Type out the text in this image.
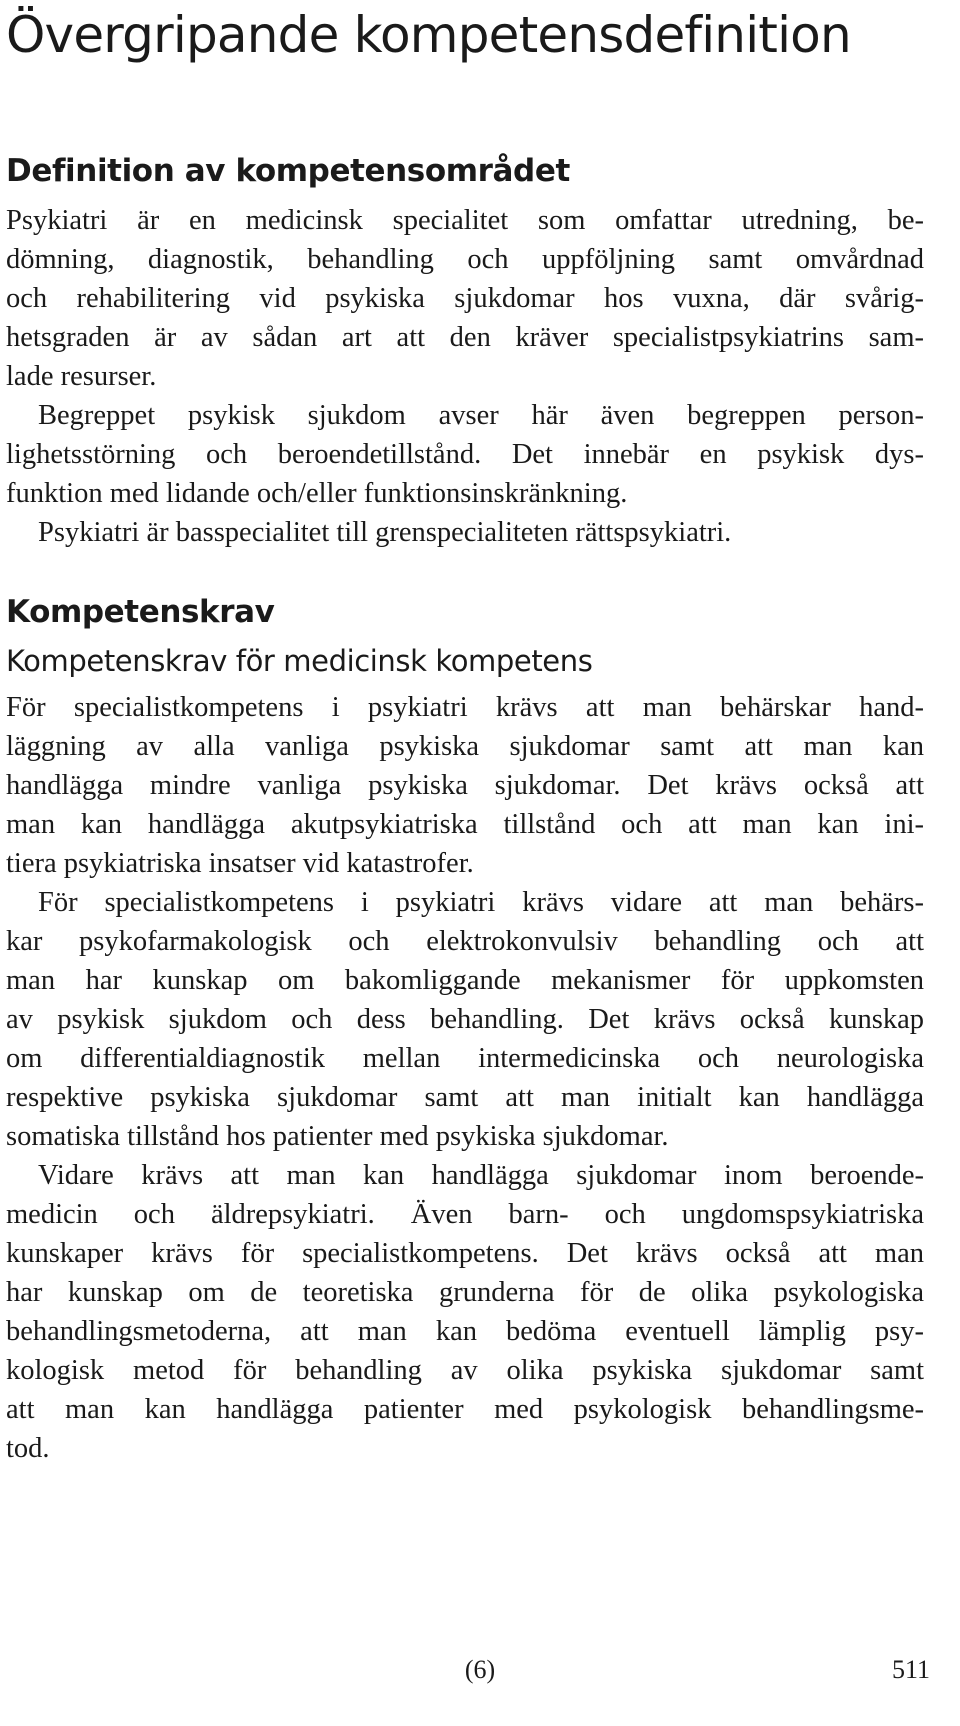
Övergripande kompetensdefinition
Definition av kompetensområdet
Psykiatri är en medicinsk specialitet som omfattar utredning, be-
dömning, diagnostik, behandling och uppföljning samt omvårdnad
och rehabilitering vid psykiska sjukdomar hos vuxna, där svårig-
hetsgraden är av sådan art att den kräver specialistpsykiatrins sam-
lade resurser.
Begreppet psykisk sjukdom avser här även begreppen person-
lighetsstörning och beroendetillstånd. Det innebär en psykisk dys-
funktion med lidande och/eller funktionsinskränkning.
Psykiatri är basspecialitet till grenspecialiteten rättspsykiatri.
Kompetenskrav
Kompetenskrav för medicinsk kompetens
För specialistkompetens i psykiatri krävs att man behärskar hand-
läggning av alla vanliga psykiska sjukdomar samt att man kan
handlägga mindre vanliga psykiska sjukdomar. Det krävs också att
man kan handlägga akutpsykiatriska tillstånd och att man kan ini-
tiera psykiatriska insatser vid katastrofer.
För specialistkompetens i psykiatri krävs vidare att man behärs-
kar psykofarmakologisk och elektrokonvulsiv behandling och att
man har kunskap om bakomliggande mekanismer för uppkomsten
av psykisk sjukdom och dess behandling. Det krävs också kunskap
om differentialdiagnostik mellan intermedicinska och neurologiska
respektive psykiska sjukdomar samt att man initialt kan handlägga
somatiska tillstånd hos patienter med psykiska sjukdomar.
Vidare krävs att man kan handlägga sjukdomar inom beroende-
medicin och äldrepsykiatri. Även barn- och ungdomspsykiatriska
kunskaper krävs för specialistkompetens. Det krävs också att man
har kunskap om de teoretiska grunderna för de olika psykologiska
behandlingsmetoderna, att man kan bedöma eventuell lämplig psy-
kologisk metod för behandling av olika psykiska sjukdomar samt
att man kan handlägga patienter med psykologisk behandlingsme-
tod.
(6)	511
